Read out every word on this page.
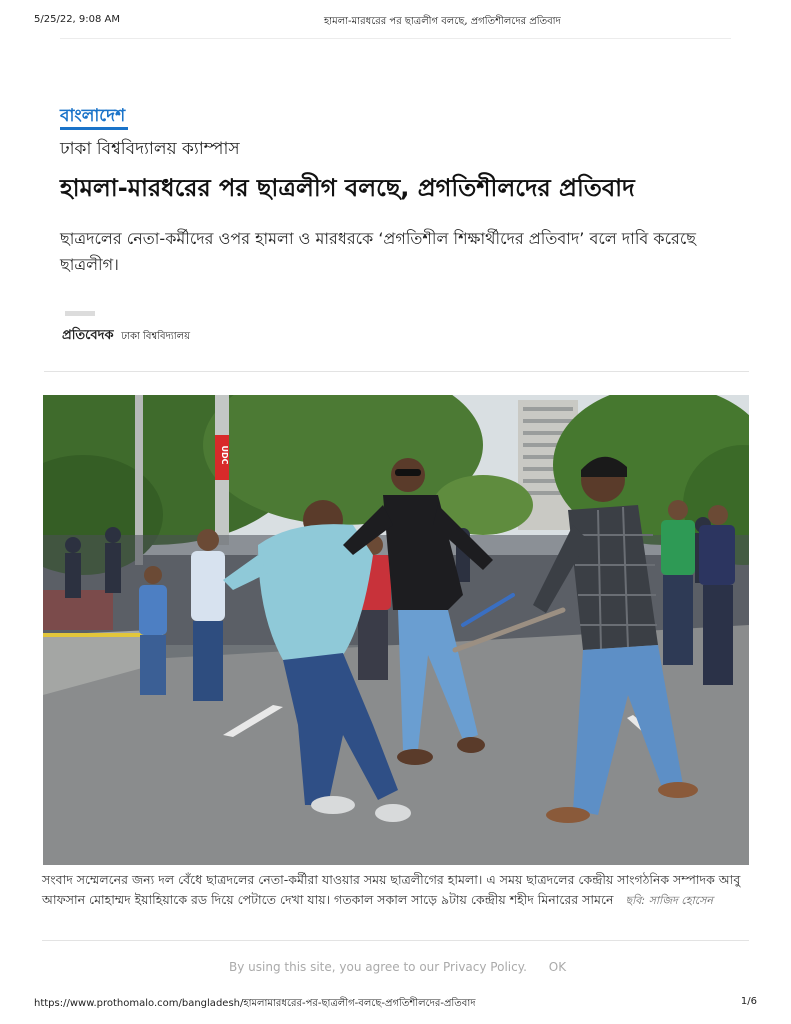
5/25/22, 9:08 AM	হামলা-মারধরের পর ছাত্রলীগ বলছে, প্রগতিশীলদের প্রতিবাদ
বাংলাদেশ
ঢাকা বিশ্ববিদ্যালয় ক্যাম্পাস
হামলা-মারধরের পর ছাত্রলীগ বলছে, প্রগতিশীলদের প্রতিবাদ

ছাত্রদলের নেতা-কর্মীদের ওপর হামলা ও মারধরকে ‘প্রগতিশীল শিক্ষার্থীদের প্রতিবাদ’ বলে দাবি করেছে ছাত্রলীগ।

প্রতিবেদক ঢাকা বিশ্ববিদ্যালয়
UDC

সংবাদ সম্মেলনের জন্য দল বেঁধে ছাত্রদলের নেতা-কর্মীরা যাওয়ার সময় ছাত্রলীগের হামলা। এ সময় ছাত্রদলের কেন্দ্রীয় সাংগঠনিক সম্পাদক আবু আফসান মোহাম্মদ ইয়াহিয়াকে রড দিয়ে পেটাতে দেখা যায়। গতকাল সকাল সাড়ে ৯টায় কেন্দ্রীয় শহীদ মিনারের সামনে ছবি: সাজিদ হোসেন

By using this site, you agree to our Privacy Policy. OK
https://www.prothomalo.com/bangladesh/হামলামারধরের-পর-ছাত্রলীগ-বলছে-প্রগতিশীলদের-প্রতিবাদ	1/6
